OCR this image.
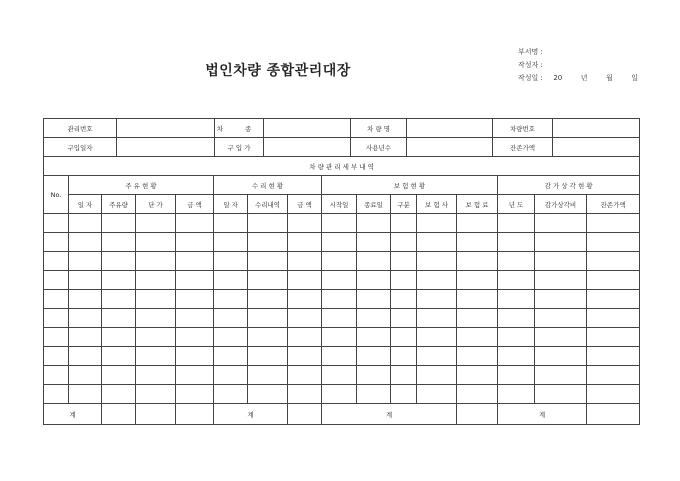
법인차량 종합관리대장
부서명 :
작성자 :
작성일 : 20	년	월	일
관리번호		차 종		차 량 명		차량번호	
구입일자		구 입 가		사용년수		잔존가액	
차 량 관 리 세 부 내 역															
No.	주 유 현 황				수 리 현 황			보 험 현 황					감 가 상 각 현 황		
	일 자	주유량	단 가	금 액	일 자	수리내역	금 액	시작일	종료일	구분	보 험 사	보 험 료	년 도	감가상각비	잔존가액

계					계			계					계		
